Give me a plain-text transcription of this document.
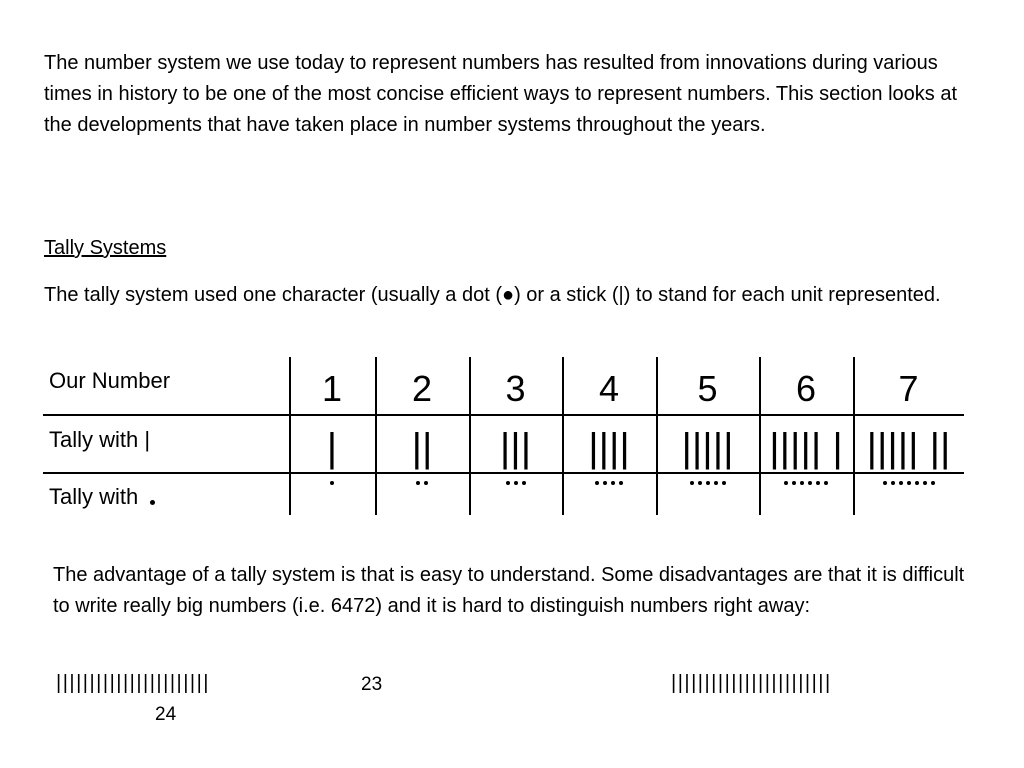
The number system we use today to represent numbers has resulted from innovations during various times in history to be one of the most concise efficient ways to represent numbers. This section looks at the developments that have taken place in number systems throughout the years.

Tally Systems

The tally system used one character (usually a dot (●) or a stick (|) to stand for each unit represented.

Our Number
Tally with |
Tally with
1
|
2
||
3
|||
4
||||
5
|||||
6
||||| |
7
||||| ||

The advantage of a tally system is that is easy to understand. Some disadvantages are that it is difficult to write really big numbers (i.e. 6472) and it is hard to distinguish numbers right away:

|||||||||||||||||||||||	23	||||||||||||||||||||||||
24
